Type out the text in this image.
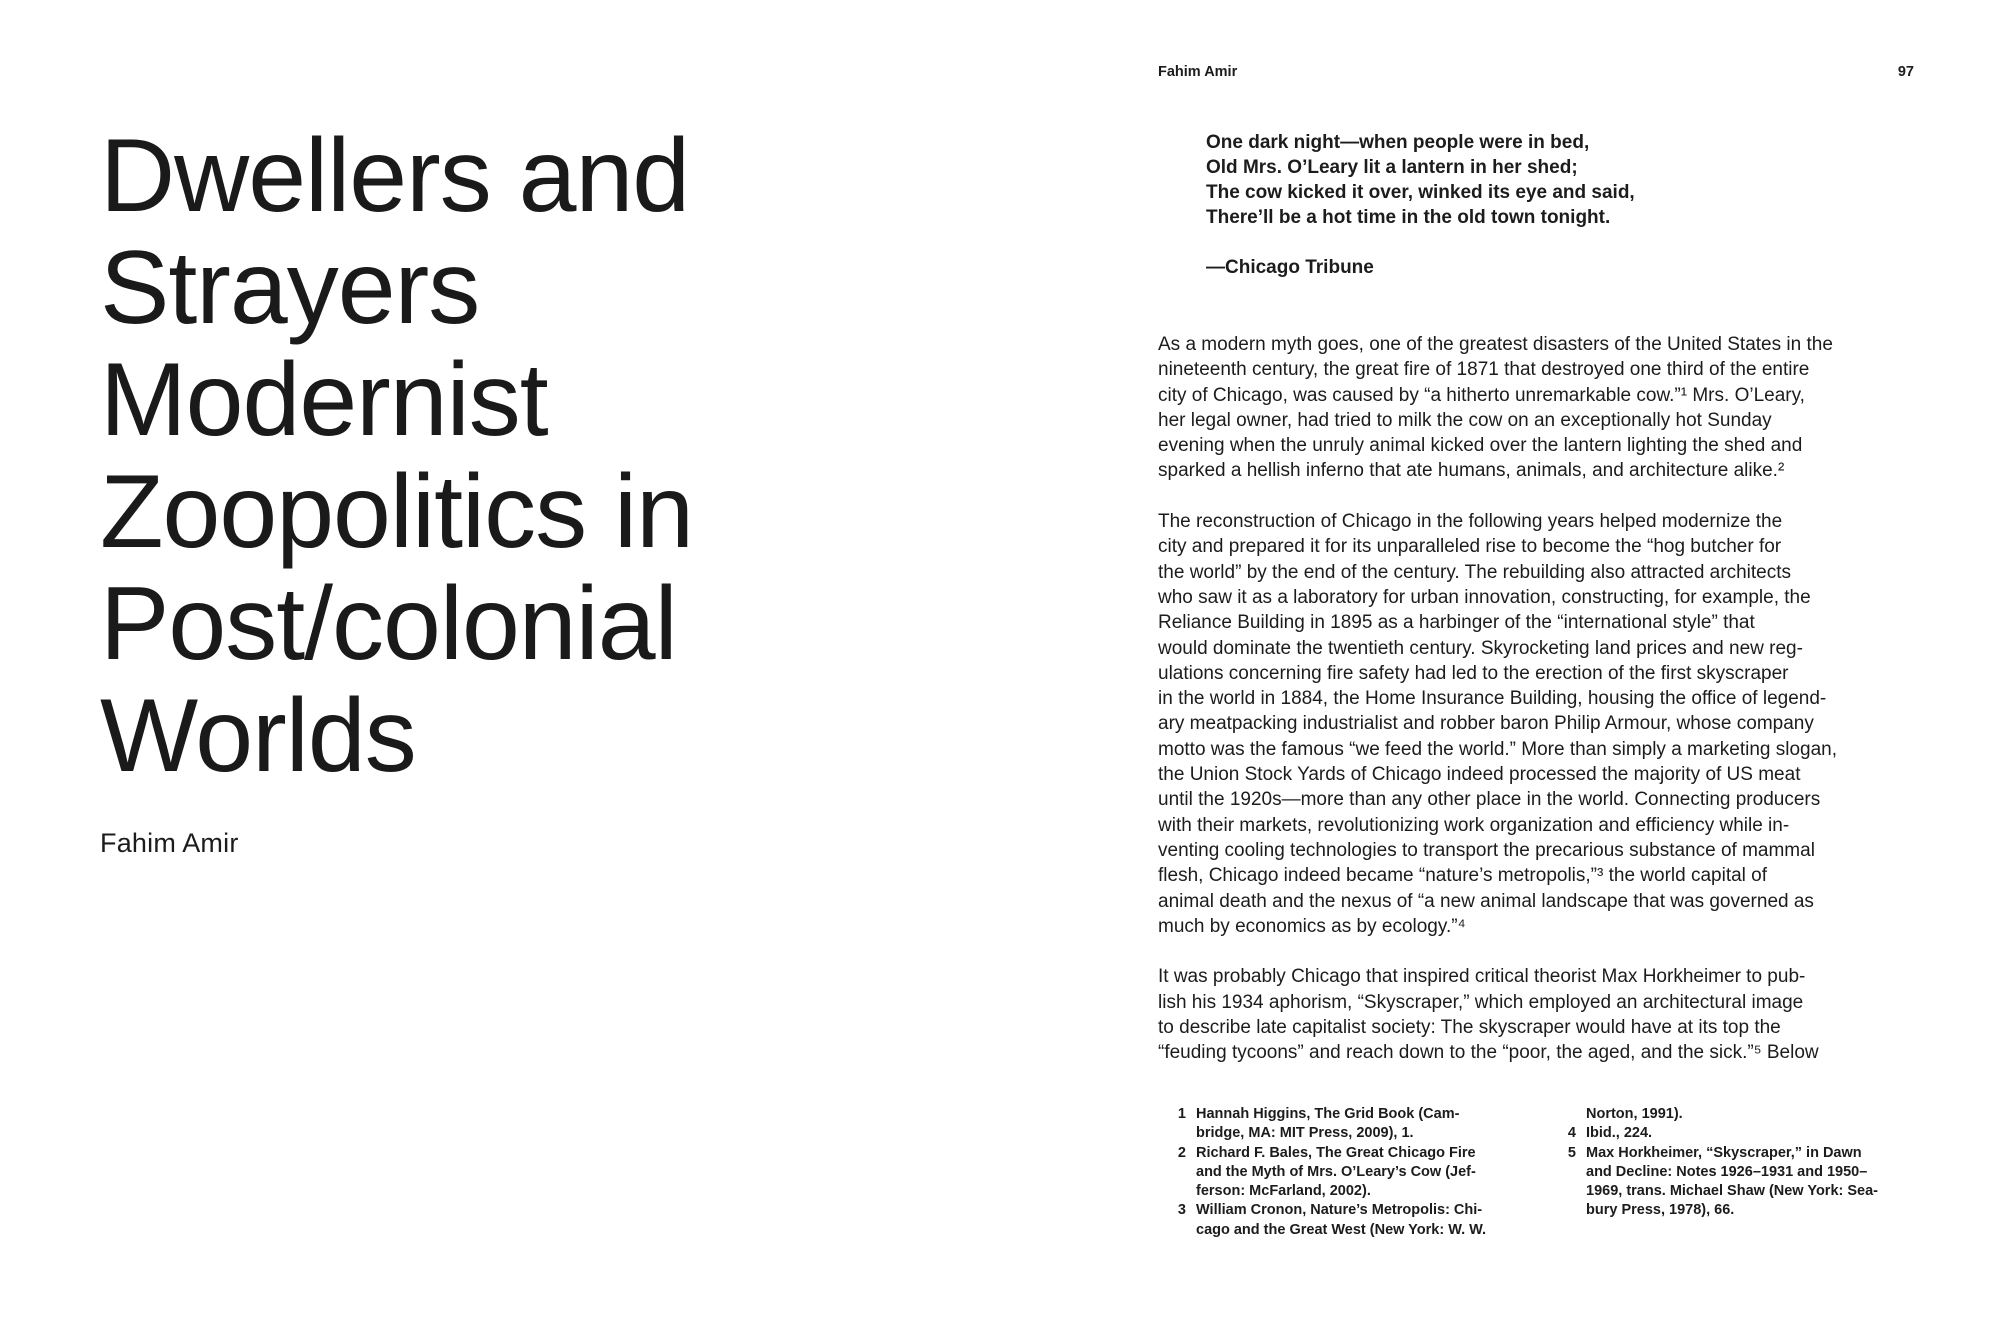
Dwellers and
Strayers
Modernist
Zoopolitics in
Post/colonial
Worlds
Fahim Amir
Fahim Amir	97
One dark night—when people were in bed,
Old Mrs. O’Leary lit a lantern in her shed;
The cow kicked it over, winked its eye and said,
There’ll be a hot time in the old town tonight.
—Chicago Tribune
As a modern myth goes, one of the greatest disasters of the United States in the
nineteenth century, the great fire of 1871 that destroyed one third of the entire
city of Chicago, was caused by “a hitherto unremarkable cow.”¹ Mrs. O’Leary,
her legal owner, had tried to milk the cow on an exceptionally hot Sunday
evening when the unruly animal kicked over the lantern lighting the shed and
sparked a hellish inferno that ate humans, animals, and architecture alike.²
The reconstruction of Chicago in the following years helped modernize the
city and prepared it for its unparalleled rise to become the “hog butcher for
the world” by the end of the century. The rebuilding also attracted architects
who saw it as a laboratory for urban innovation, constructing, for example, the
Reliance Building in 1895 as a harbinger of the “international style” that
would dominate the twentieth century. Skyrocketing land prices and new reg-
ulations concerning fire safety had led to the erection of the first skyscraper
in the world in 1884, the Home Insurance Building, housing the office of legend-
ary meatpacking industrialist and robber baron Philip Armour, whose company
motto was the famous “we feed the world.” More than simply a marketing slogan,
the Union Stock Yards of Chicago indeed processed the majority of US meat
until the 1920s—more than any other place in the world. Connecting producers
with their markets, revolutionizing work organization and efficiency while in-
venting cooling technologies to transport the precarious substance of mammal
flesh, Chicago indeed became “nature’s metropolis,”³ the world capital of
animal death and the nexus of “a new animal landscape that was governed as
much by economics as by ecology.”⁴
It was probably Chicago that inspired critical theorist Max Horkheimer to pub-
lish his 1934 aphorism, “Skyscraper,” which employed an architectural image
to describe late capitalist society: The skyscraper would have at its top the
“feuding tycoons” and reach down to the “poor, the aged, and the sick.”⁵ Below
1 Hannah Higgins, The Grid Book (Cam-
bridge, MA: MIT Press, 2009), 1.
2 Richard F. Bales, The Great Chicago Fire
and the Myth of Mrs. O’Leary’s Cow (Jef-
ferson: McFarland, 2002).
3 William Cronon, Nature’s Metropolis: Chi-
cago and the Great West (New York: W. W.
Norton, 1991).
4 Ibid., 224.
5 Max Horkheimer, “Skyscraper,” in Dawn
and Decline: Notes 1926–1931 and 1950–
1969, trans. Michael Shaw (New York: Sea-
bury Press, 1978), 66.
